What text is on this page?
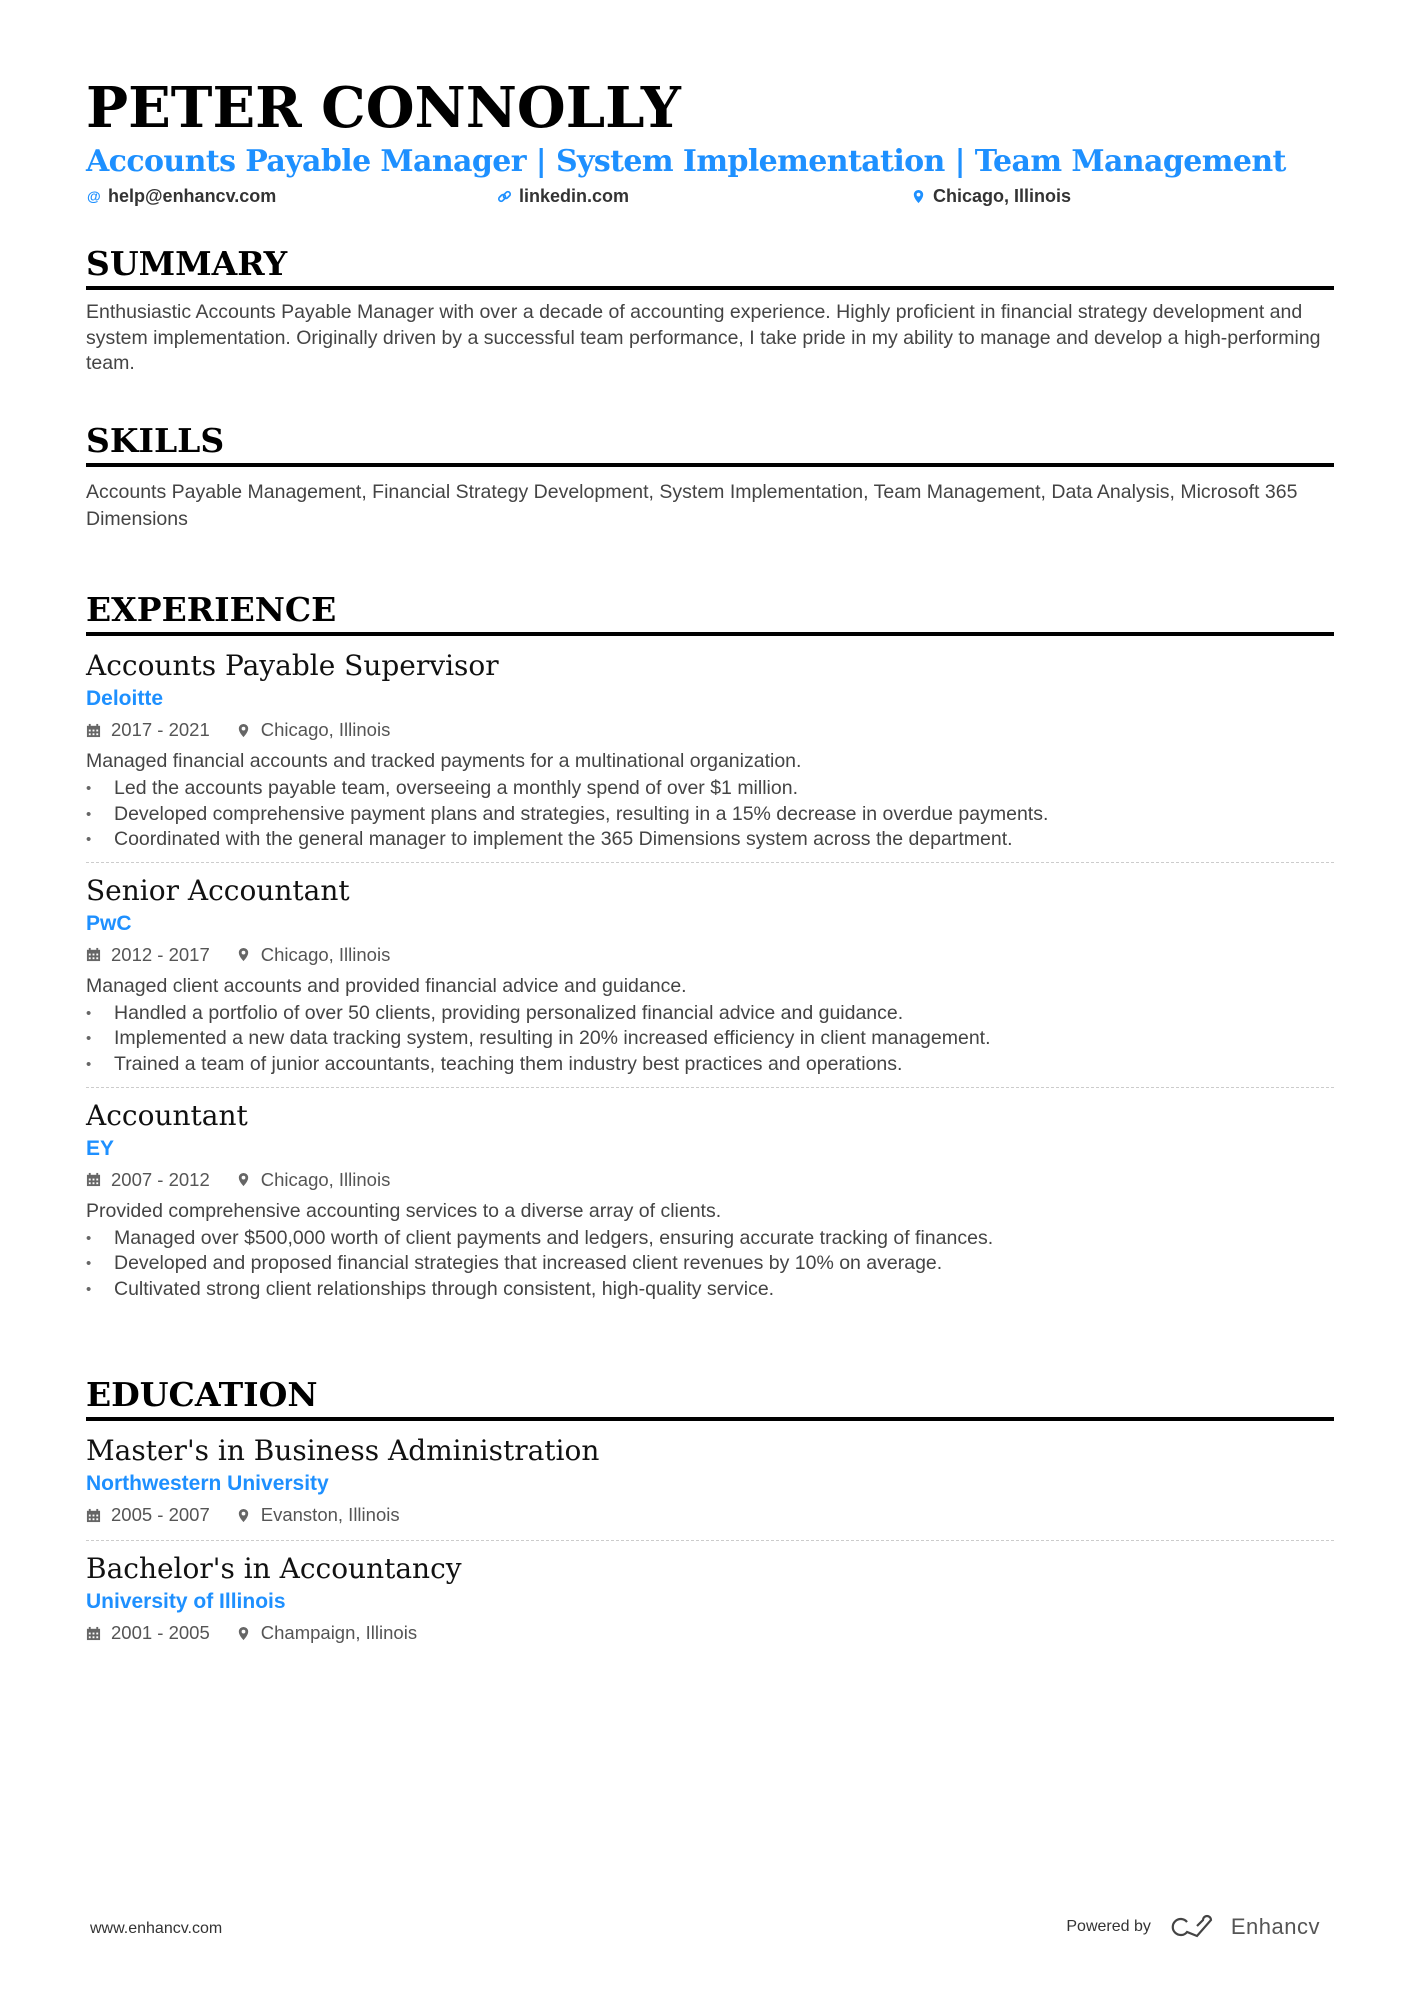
PETER CONNOLLY
Accounts Payable Manager | System Implementation | Team Management
@ help@enhancv.com	linkedin.com	Chicago, Illinois
SUMMARY

Enthusiastic Accounts Payable Manager with over a decade of accounting experience. Highly proficient in financial strategy development and system implementation. Originally driven by a successful team performance, I take pride in my ability to manage and develop a high-performing team.

SKILLS

Accounts Payable Management, Financial Strategy Development, System Implementation, Team Management, Data Analysis, Microsoft 365 Dimensions

EXPERIENCE
Accounts Payable Supervisor
Deloitte
2017 - 2021	Chicago, Illinois
Managed financial accounts and tracked payments for a multinational organization.
• Led the accounts payable team, overseeing a monthly spend of over $1 million.
• Developed comprehensive payment plans and strategies, resulting in a 15% decrease in overdue payments.
• Coordinated with the general manager to implement the 365 Dimensions system across the department.
Senior Accountant
PwC
2012 - 2017	Chicago, Illinois
Managed client accounts and provided financial advice and guidance.
• Handled a portfolio of over 50 clients, providing personalized financial advice and guidance.
• Implemented a new data tracking system, resulting in 20% increased efficiency in client management.
• Trained a team of junior accountants, teaching them industry best practices and operations.
Accountant
EY
2007 - 2012	Chicago, Illinois
Provided comprehensive accounting services to a diverse array of clients.
• Managed over $500,000 worth of client payments and ledgers, ensuring accurate tracking of finances.
• Developed and proposed financial strategies that increased client revenues by 10% on average.
• Cultivated strong client relationships through consistent, high-quality service.
EDUCATION
Master's in Business Administration
Northwestern University
2005 - 2007	Evanston, Illinois
Bachelor's in Accountancy
University of Illinois
2001 - 2005	Champaign, Illinois
www.enhancv.com	Powered by	Enhancv
